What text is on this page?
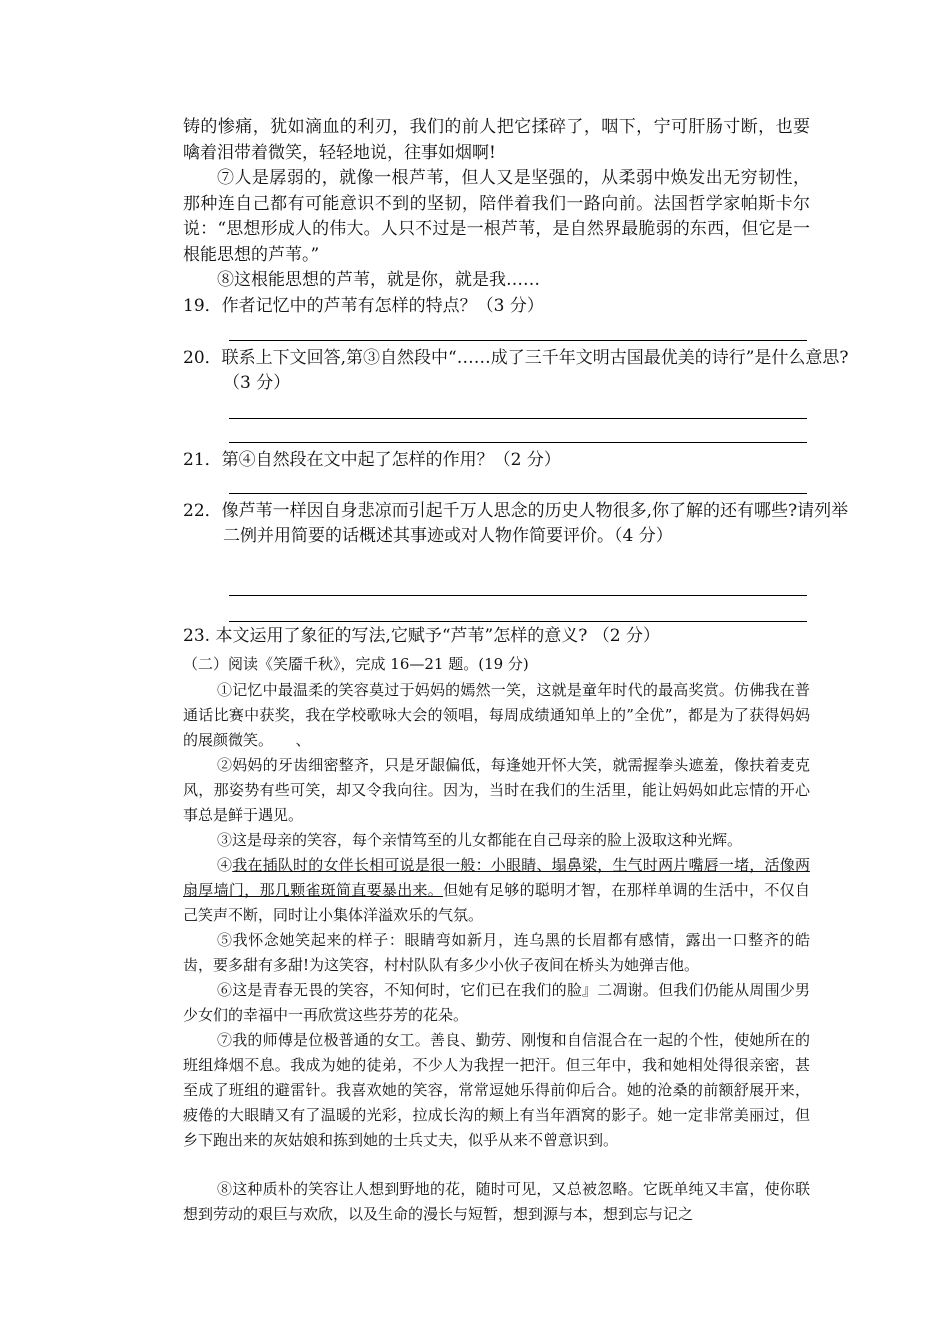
铸的惨痛，犹如滴血的利刃，我们的前人把它揉碎了，咽下，宁可肝肠寸断，也要噙着泪带着微笑，轻轻地说，往事如烟啊!
⑦人是孱弱的，就像一根芦苇，但人又是坚强的，从柔弱中焕发出无穷韧性，那种连自己都有可能意识不到的坚韧，陪伴着我们一路向前。法国哲学家帕斯卡尔说：“思想形成人的伟大。人只不过是一根芦苇，是自然界最脆弱的东西，但它是一根能思想的芦苇。”
⑧这根能思想的芦苇，就是你，就是我……
19．作者记忆中的芦苇有怎样的特点？（3 分）
20．联系上下文回答,第③自然段中“……成了三千年文明古国最优美的诗行”是什么意思?（3 分）
21．第④自然段在文中起了怎样的作用？（2 分）
22．像芦苇一样因自身悲凉而引起千万人思念的历史人物很多,你了解的还有哪些?请列举二例并用简要的话概述其事迹或对人物作简要评价。（4 分）
23. 本文运用了象征的写法,它赋予“芦苇”怎样的意义? （2 分）
（二）阅读《笑靥千秋》，完成 16—21 题。(19 分)
①记忆中最温柔的笑容莫过于妈妈的嫣然一笑，这就是童年时代的最高奖赏。仿佛我在普通话比赛中获奖，我在学校歌咏大会的领唱，每周成绩通知单上的”全优”，都是为了获得妈妈的展颜微笑。　　、
②妈妈的牙齿细密整齐，只是牙龈偏低，每逢她开怀大笑，就需握拳头遮羞，像扶着麦克风，那姿势有些可笑，却又令我向往。因为，当时在我们的生活里，能让妈妈如此忘情的开心事总是鲜于遇见。
③这是母亲的笑容，每个亲情笃至的儿女都能在自己母亲的脸上汲取这种光辉。
④我在插队时的女伴长相可说是很一般：小眼睛、塌鼻梁，生气时两片嘴唇一堵，活像两扇厚墙门，那几颗雀斑简直要暴出来。但她有足够的聪明才智，在那样单调的生活中，不仅自己笑声不断，同时让小集体洋溢欢乐的气氛。
⑤我怀念她笑起来的样子：眼睛弯如新月，连乌黑的长眉都有感情，露出一口整齐的皓齿，要多甜有多甜!为这笑容，村村队队有多少小伙子夜间在桥头为她弹吉他。
⑥这是青春无畏的笑容，不知何时，它们已在我们的脸』二凋谢。但我们仍能从周围少男少女们的幸福中一再欣赏这些芬芳的花朵。
⑦我的师傅是位极普通的女工。善良、勤劳、刚愎和自信混合在一起的个性，使她所在的班组烽烟不息。我成为她的徒弟，不少人为我捏一把汗。但三年中，我和她相处得很亲密，甚至成了班组的避雷针。我喜欢她的笑容，常常逗她乐得前仰后合。她的沧桑的前额舒展开来，疲倦的大眼睛又有了温暖的光彩，拉成长沟的颊上有当年酒窝的影子。她一定非常美丽过，但乡下跑出来的灰姑娘和拣到她的士兵丈夫，似乎从来不曾意识到。
⑧这种质朴的笑容让人想到野地的花，随时可见，又总被忽略。它既单纯又丰富，使你联想到劳动的艰巨与欢欣，以及生命的漫长与短暂，想到源与本，想到忘与记之
